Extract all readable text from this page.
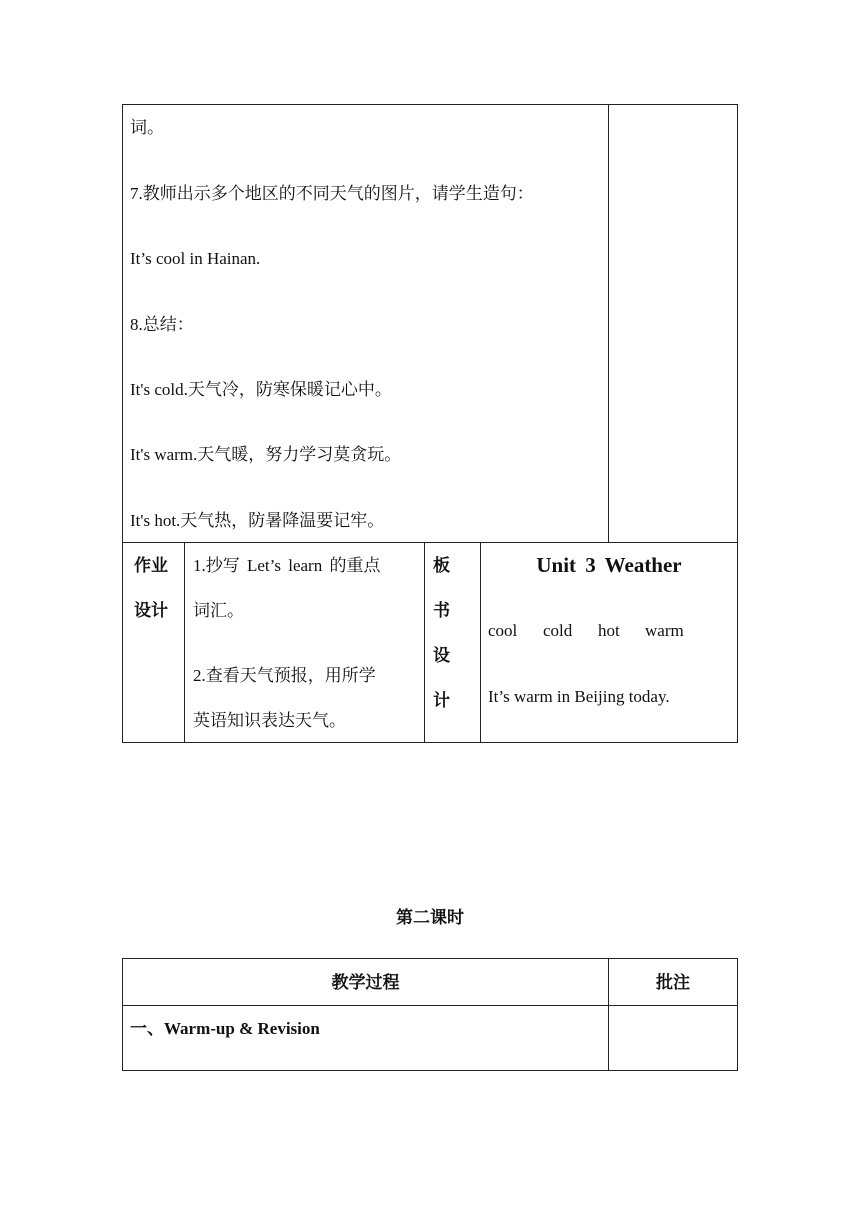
词。
7.教师出示多个地区的不同天气的图片，请学生造句：
It’s cool in Hainan.
8.总结：
It's cold.天气冷，防寒保暖记心中。
It's warm.天气暖，努力学习莫贪玩。
It's hot.天气热，防暑降温要记牢。
作业
设计
1.抄写 Let’s learn 的重点
词汇。
2.查看天气预报，用所学
英语知识表达天气。
板
书
设
计
Unit 3 Weather
cool cold hot warm
It’s warm in Beijing today.
第二课时
教学过程	批注
一、Warm-up & Revision
